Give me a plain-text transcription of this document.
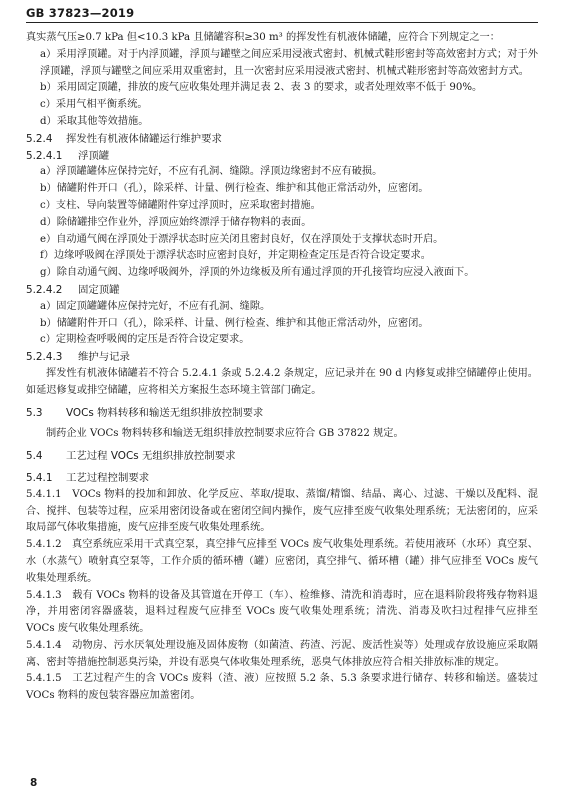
GB 37823—2019

真实蒸气压≥0.7 kPa 但<10.3 kPa 且储罐容积≥30 m³ 的挥发性有机液体储罐，应符合下列规定之一：

a）采用浮顶罐。对于内浮顶罐，浮顶与罐壁之间应采用浸液式密封、机械式鞋形密封等高效密封方式；对于外浮顶罐，浮顶与罐壁之间应采用双重密封，且一次密封应采用浸液式密封、机械式鞋形密封等高效密封方式。

b）采用固定顶罐，排放的废气应收集处理并满足表 2、表 3 的要求，或者处理效率不低于 90%。

c）采用气相平衡系统。

d）采取其他等效措施。

5.2.4 挥发性有机液体储罐运行维护要求

5.2.4.1 浮顶罐

a）浮顶罐罐体应保持完好，不应有孔洞、缝隙。浮顶边缘密封不应有破损。

b）储罐附件开口（孔），除采样、计量、例行检查、维护和其他正常活动外，应密闭。

c）支柱、导向装置等储罐附件穿过浮顶时，应采取密封措施。

d）除储罐排空作业外，浮顶应始终漂浮于储存物料的表面。

e）自动通气阀在浮顶处于漂浮状态时应关闭且密封良好，仅在浮顶处于支撑状态时开启。

f）边缘呼吸阀在浮顶处于漂浮状态时应密封良好，并定期检查定压是否符合设定要求。

g）除自动通气阀、边缘呼吸阀外，浮顶的外边缘板及所有通过浮顶的开孔接管均应浸入液面下。

5.2.4.2 固定顶罐

a）固定顶罐罐体应保持完好，不应有孔洞、缝隙。

b）储罐附件开口（孔），除采样、计量、例行检查、维护和其他正常活动外，应密闭。

c）定期检查呼吸阀的定压是否符合设定要求。

5.2.4.3 维护与记录

挥发性有机液体储罐若不符合 5.2.4.1 条或 5.2.4.2 条规定，应记录并在 90 d 内修复或排空储罐停止使用。如延迟修复或排空储罐，应将相关方案报生态环境主管部门确定。

5.3 VOCs 物料转移和输送无组织排放控制要求

制药企业 VOCs 物料转移和输送无组织排放控制要求应符合 GB 37822 规定。

5.4 工艺过程 VOCs 无组织排放控制要求

5.4.1 工艺过程控制要求

5.4.1.1　VOCs 物料的投加和卸放、化学反应、萃取/提取、蒸馏/精馏、结晶、离心、过滤、干燥以及配料、混合、搅拌、包装等过程，应采用密闭设备或在密闭空间内操作，废气应排至废气收集处理系统；无法密闭的，应采取局部气体收集措施，废气应排至废气收集处理系统。

5.4.1.2　真空系统应采用干式真空泵，真空排气应排至 VOCs 废气收集处理系统。若使用液环（水环）真空泵、水（水蒸气）喷射真空泵等，工作介质的循环槽（罐）应密闭，真空排气、循环槽（罐）排气应排至 VOCs 废气收集处理系统。

5.4.1.3　载有 VOCs 物料的设备及其管道在开停工（车）、检维修、清洗和消毒时，应在退料阶段将残存物料退净，并用密闭容器盛装，退料过程废气应排至 VOCs 废气收集处理系统；清洗、消毒及吹扫过程排气应排至 VOCs 废气收集处理系统。

5.4.1.4　动物房、污水厌氧处理设施及固体废物（如菌渣、药渣、污泥、废活性炭等）处理或存放设施应采取隔离、密封等措施控制恶臭污染，并设有恶臭气体收集处理系统，恶臭气体排放应符合相关排放标准的规定。

5.4.1.5　工艺过程产生的含 VOCs 废料（渣、液）应按照 5.2 条、5.3 条要求进行储存、转移和输送。盛装过 VOCs 物料的废包装容器应加盖密闭。

8
